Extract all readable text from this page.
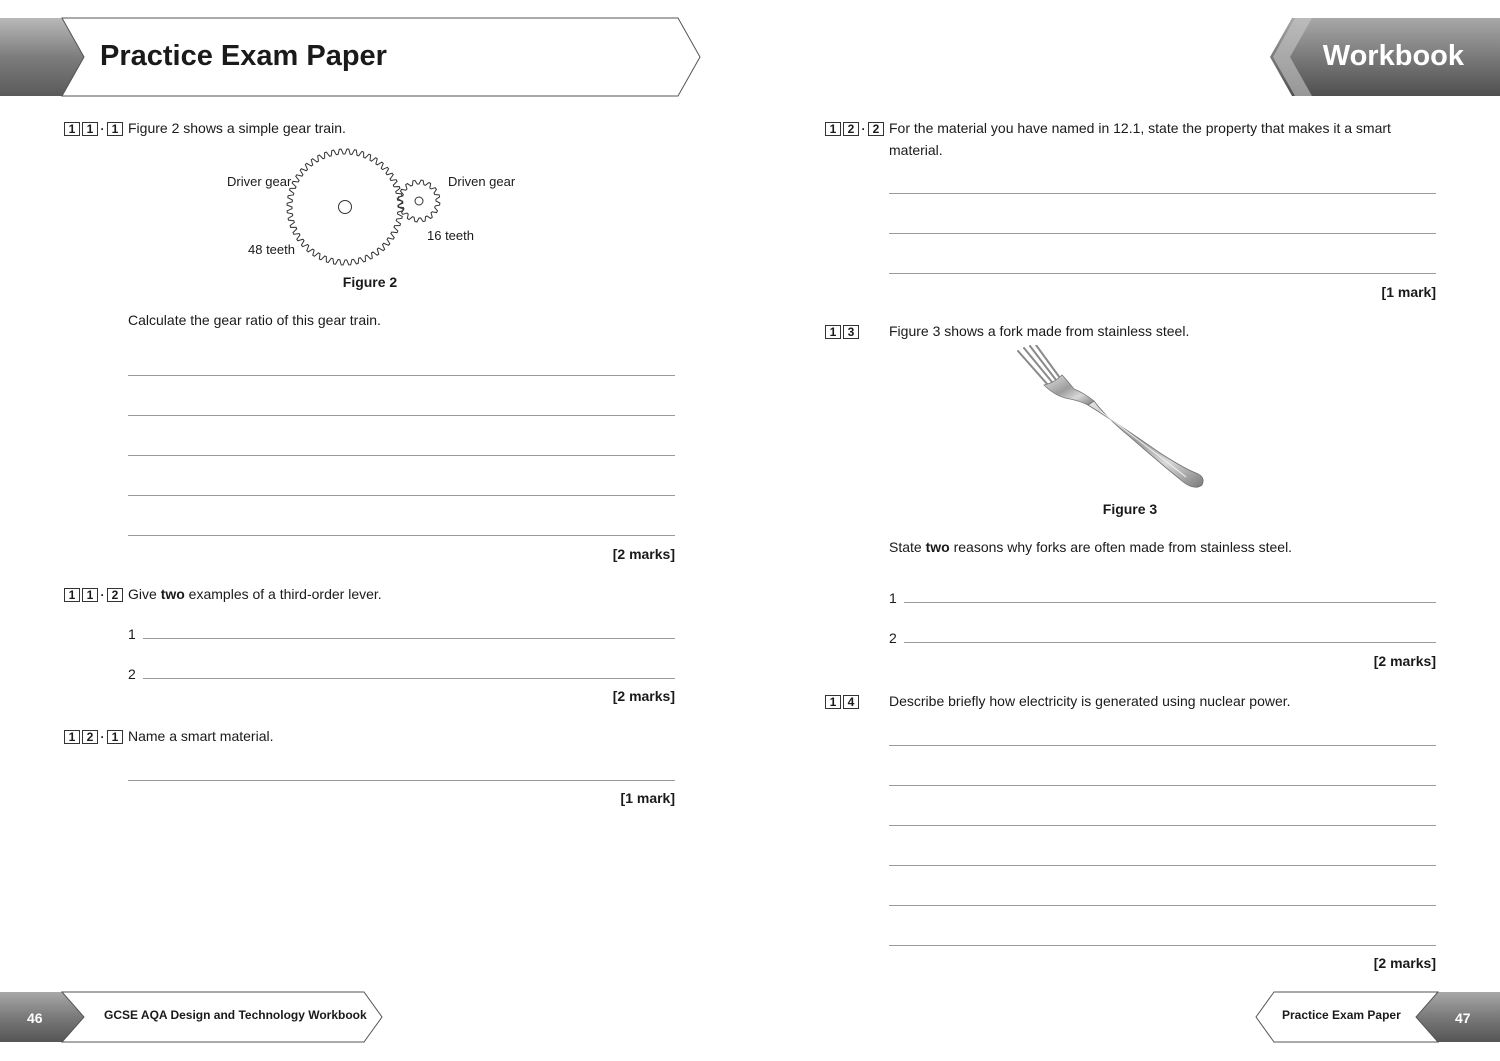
Practice Exam Paper	Workbook
1 1 · 1 Figure 2 shows a simple gear train.
Driver gear	Driven gear
48 teeth
16 teeth
Figure 2
Calculate the gear ratio of this gear train.
[2 marks]
1 1 · 2 Give two examples of a third-order lever.
1
2
[2 marks]
1 2 · 1 Name a smart material.
[1 mark]
1 2 · 2 For the material you have named in 12.1, state the property that makes it a smart material.
[1 mark]
1 3	Figure 3 shows a fork made from stainless steel.
Figure 3
State two reasons why forks are often made from stainless steel.
1
2
[2 marks]
1 4	Describe briefly how electricity is generated using nuclear power.
[2 marks]
46	GCSE AQA Design and Technology Workbook	Practice Exam Paper	47
